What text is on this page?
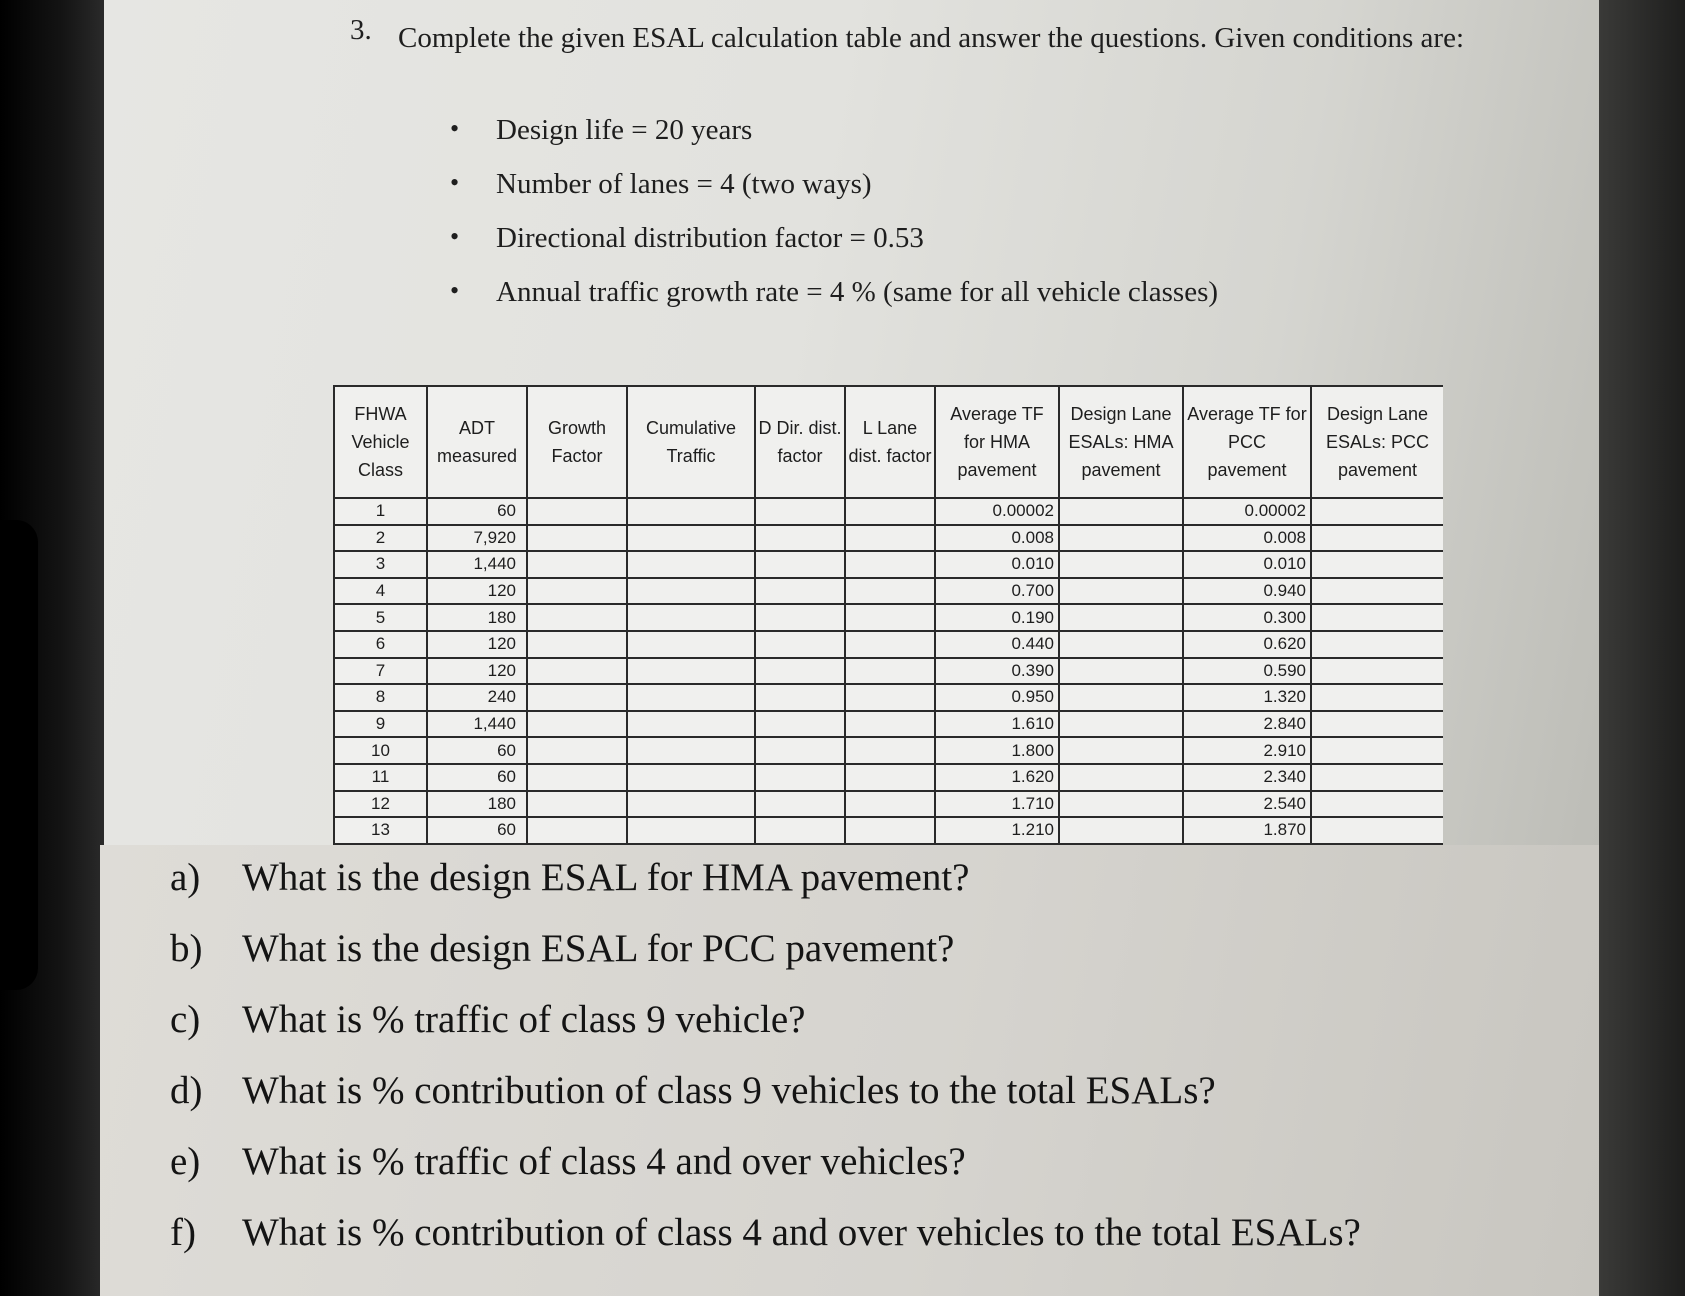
3. Complete the given ESAL calculation table and answer the questions. Given conditions are:
• Design life = 20 years
• Number of lanes = 4 (two ways)
• Directional distribution factor = 0.53
• Annual traffic growth rate = 4 % (same for all vehicle classes)
FHWA Vehicle Class	ADT measured	Growth Factor	Cumulative Traffic	D Dir. dist. factor	L Lane dist. factor	Average TF for HMA pavement	Design Lane ESALs: HMA pavement	Average TF for PCC pavement	Design Lane ESALs: PCC pavement
1	60					0.00002		0.00002	
2	7,920					0.008		0.008	
3	1,440					0.010		0.010	
4	120					0.700		0.940	
5	180					0.190		0.300	
6	120					0.440		0.620	
7	120					0.390		0.590	
8	240					0.950		1.320	
9	1,440					1.610		2.840	
10	60					1.800		2.910	
11	60					1.620		2.340	
12	180					1.710		2.540	
13	60					1.210		1.870	
a) What is the design ESAL for HMA pavement?
b) What is the design ESAL for PCC pavement?
c) What is % traffic of class 9 vehicle?
d) What is % contribution of class 9 vehicles to the total ESALs?
e) What is % traffic of class 4 and over vehicles?
f) What is % contribution of class 4 and over vehicles to the total ESALs?
